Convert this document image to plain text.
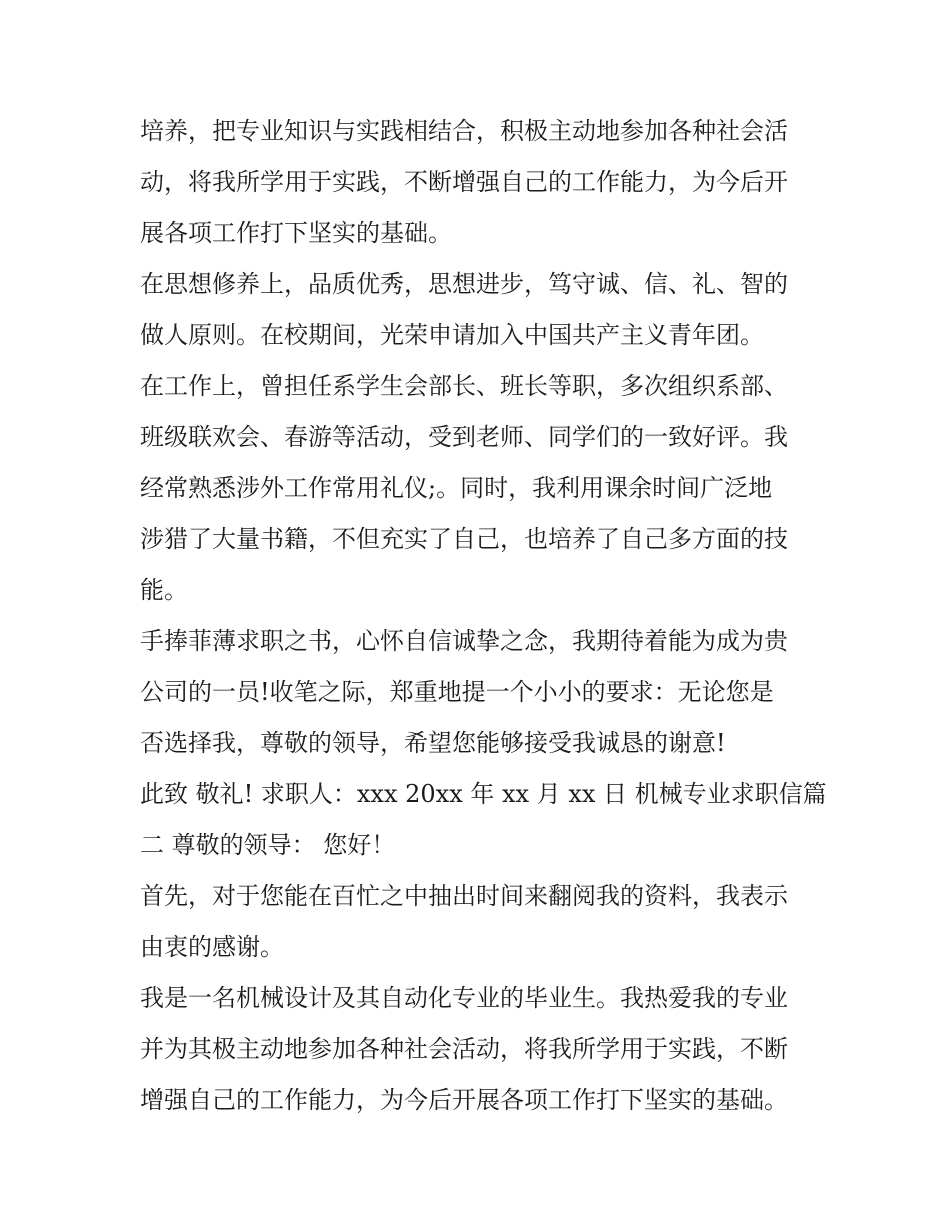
培养，把专业知识与实践相结合，积极主动地参加各种社会活
动，将我所学用于实践，不断增强自己的工作能力，为今后开
展各项工作打下坚实的基础。
在思想修养上，品质优秀，思想进步，笃守诚、信、礼、智的
做人原则。在校期间，光荣申请加入中国共产主义青年团。
在工作上，曾担任系学生会部长、班长等职，多次组织系部、
班级联欢会、春游等活动，受到老师、同学们的一致好评。我
经常熟悉涉外工作常用礼仪;。同时，我利用课余时间广泛地
涉猎了大量书籍，不但充实了自己，也培养了自己多方面的技
能。
手捧菲薄求职之书，心怀自信诚挚之念，我期待着能为成为贵
公司的一员!收笔之际，郑重地提一个小小的要求：无论您是
否选择我，尊敬的领导，希望您能够接受我诚恳的谢意!
此致 敬礼! 求职人：xxx 20xx 年 xx 月 xx 日 机械专业求职信篇
二 尊敬的领导： 您好！
首先，对于您能在百忙之中抽出时间来翻阅我的资料，我表示
由衷的感谢。
我是一名机械设计及其自动化专业的毕业生。我热爱我的专业
并为其极主动地参加各种社会活动，将我所学用于实践，不断
增强自己的工作能力，为今后开展各项工作打下坚实的基础。
